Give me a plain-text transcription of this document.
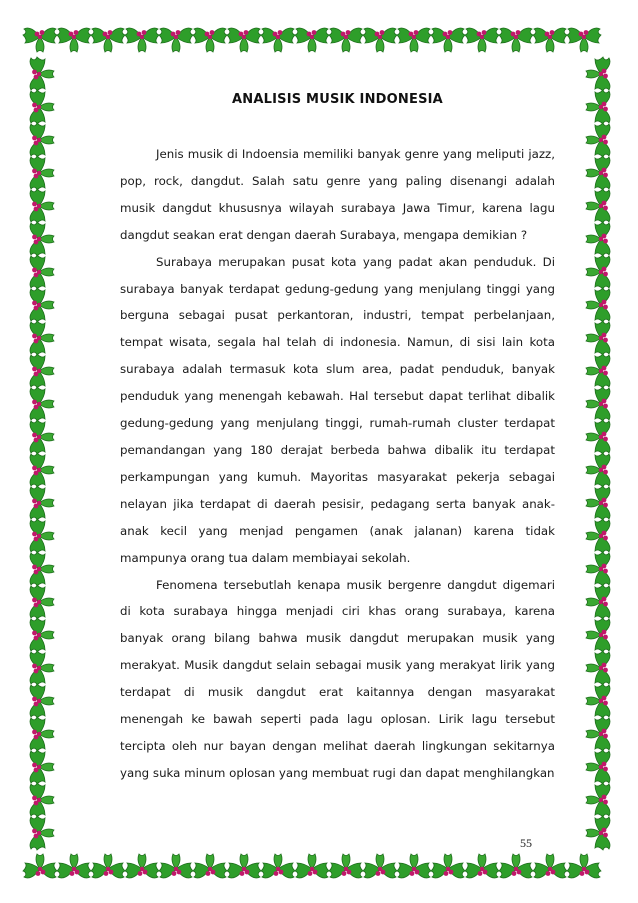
ANALISIS MUSIK INDONESIA

Jenis musik di Indoensia memiliki banyak genre yang meliputi jazz, pop, rock, dangdut. Salah satu genre yang paling disenangi adalah musik dangdut khususnya wilayah surabaya Jawa Timur, karena lagu dangdut seakan erat dengan daerah Surabaya, mengapa demikian ?

Surabaya merupakan pusat kota yang padat akan penduduk. Di surabaya banyak terdapat gedung-gedung yang menjulang tinggi yang berguna sebagai pusat perkantoran, industri, tempat perbelanjaan, tempat wisata, segala hal telah di indonesia. Namun, di sisi lain kota surabaya adalah termasuk kota slum area, padat penduduk, banyak penduduk yang menengah kebawah. Hal tersebut dapat terlihat dibalik gedung-gedung yang menjulang tinggi, rumah-rumah cluster terdapat pemandangan yang 180 derajat berbeda bahwa dibalik itu terdapat perkampungan yang kumuh. Mayoritas masyarakat pekerja sebagai nelayan jika terdapat di daerah pesisir, pedagang serta banyak anak-anak kecil yang menjad pengamen (anak jalanan) karena tidak mampunya orang tua dalam membiayai sekolah.

Fenomena tersebutlah kenapa musik bergenre dangdut digemari di kota surabaya hingga menjadi ciri khas orang surabaya, karena banyak orang bilang bahwa musik dangdut merupakan musik yang merakyat. Musik dangdut selain sebagai musik yang merakyat lirik yang terdapat di musik dangdut erat kaitannya dengan masyarakat menengah ke bawah seperti pada lagu oplosan. Lirik lagu tersebut tercipta oleh nur bayan dengan melihat daerah lingkungan sekitarnya yang suka minum oplosan yang membuat rugi dan dapat menghilangkan

55
